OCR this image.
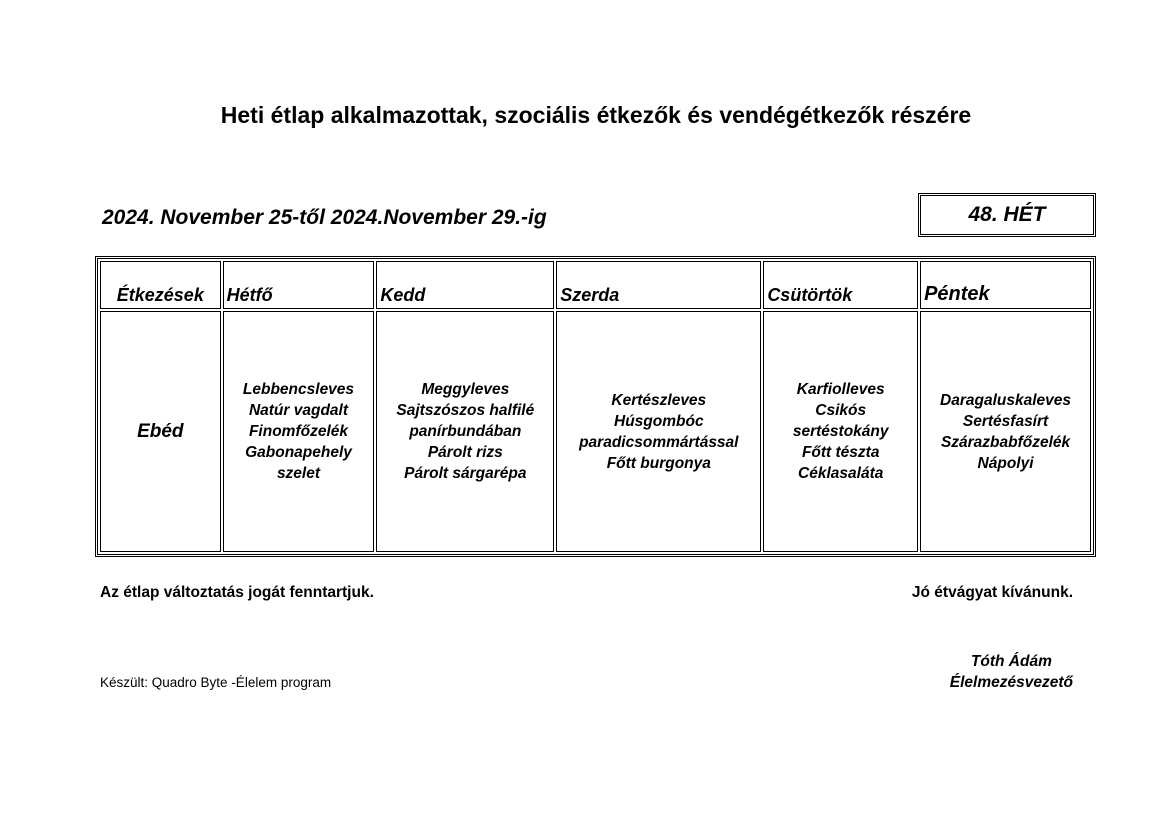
Heti étlap alkalmazottak, szociális étkezők és vendégétkezők részére
2024. November 25-től 2024.November 29.-ig	48. HÉT
Étkezések	Hétfő	Kedd	Szerda	Csütörtök	Péntek
Ebéd	Lebbencsleves
Natúr vagdalt
Finomfőzelék
Gabonapehely
szelet	Meggyleves
Sajtszószos halfilé
panírbundában
Párolt rizs
Párolt sárgarépa	Kertészleves
Húsgombóc
paradicsommártással
Főtt burgonya	Karfiolleves
Csikós
sertéstokány
Főtt tészta
Céklasaláta	Daragaluskaleves
Sertésfasírt
Szárazbabfőzelék
Nápolyi
Az étlap változtatás jogát fenntartjuk.	Jó étvágyat kívánunk.
Készült: Quadro Byte -Élelem program
Tóth Ádám
Élelmezésvezető
